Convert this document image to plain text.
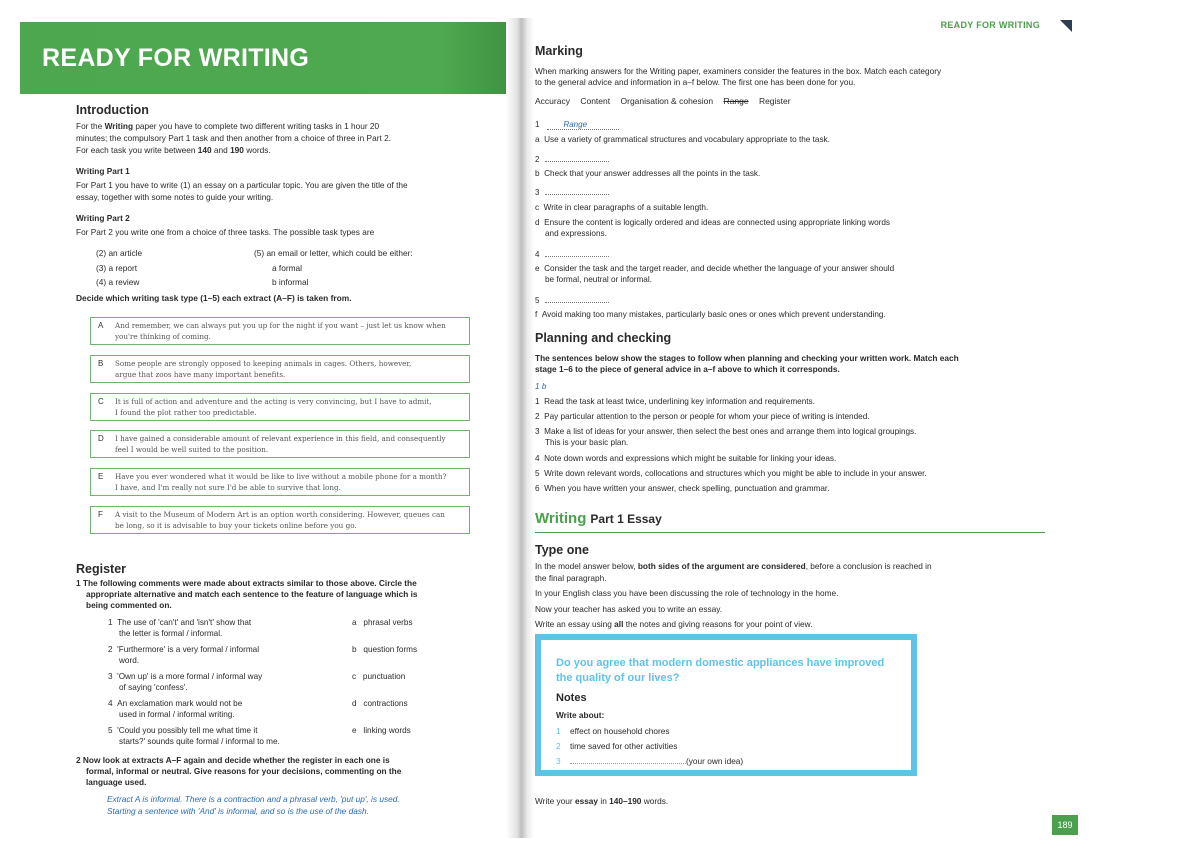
READY FOR WRITING
Introduction

For the Writing paper you have to complete two different writing tasks in 1 hour 20

minutes; the compulsory Part 1 task and then another from a choice of three in Part 2.

For each task you write between 140 and 190 words.

Writing Part 1

For Part 1 you have to write (1) an essay on a particular topic. You are given the title of the

essay, together with some notes to guide your writing.

Writing Part 2

For Part 2 you write one from a choice of three tasks. The possible task types are

(2) an article
(3) a report
(4) a review
(5) an email or letter, which could be either:
a formal
b informal

Decide which writing task type (1–5) each extract (A–F) is taken from.

A And remember, we can always put you up for the night if you want – just let us know when
you're thinking of coming.
B Some people are strongly opposed to keeping animals in cages. Others, however,
argue that zoos have many important benefits.
C It is full of action and adventure and the acting is very convincing, but I have to admit,
I found the plot rather too predictable.
D I have gained a considerable amount of relevant experience in this field, and consequently
feel I would be well suited to the position.
E Have you ever wondered what it would be like to live without a mobile phone for a month?
I have, and I'm really not sure I'd be able to survive that long.
F A visit to the Museum of Modern Art is an option worth considering. However, queues can
be long, so it is advisable to buy your tickets online before you go.
Register
1 The following comments were made about extracts similar to those above. Circle the
appropriate alternative and match each sentence to the feature of language which is
being commented on.
1 The use of 'can't' and 'isn't' show that
the letter is formal / informal.
2 'Furthermore' is a very formal / informal
word.
3 'Own up' is a more formal / informal way
of saying 'confess'.
4 An exclamation mark would not be
used in formal / informal writing.
5 'Could you possibly tell me what time it
starts?' sounds quite formal / informal to me.
a phrasal verbs
b question forms
c punctuation
d contractions
e linking words
2 Now look at extracts A–F again and decide whether the register in each one is
formal, informal or neutral. Give reasons for your decisions, commenting on the
language used.
Extract A is informal. There is a contraction and a phrasal verb, 'put up', is used.
Starting a sentence with 'And' is informal, and so is the use of the dash.
READY FOR WRITING
Marking
When marking answers for the Writing paper, examiners consider the features in the box. Match each category
to the general advice and information in a–f below. The first one has been done for you.
Accuracy Content Organisation & cohesion Range Register
1	Range
a Use a variety of grammatical structures and vocabulary appropriate to the task.
2
b Check that your answer addresses all the points in the task.
3
c Write in clear paragraphs of a suitable length.
d Ensure the content is logically ordered and ideas are connected using appropriate linking words
and expressions.
4
e Consider the task and the target reader, and decide whether the language of your answer should
be formal, neutral or informal.
5
f Avoid making too many mistakes, particularly basic ones or ones which prevent understanding.
Planning and checking
The sentences below show the stages to follow when planning and checking your written work. Match each
stage 1–6 to the piece of general advice in a–f above to which it corresponds.
1 b
1 Read the task at least twice, underlining key information and requirements.
2 Pay particular attention to the person or people for whom your piece of writing is intended.
3 Make a list of ideas for your answer, then select the best ones and arrange them into logical groupings.
This is your basic plan.
4 Note down words and expressions which might be suitable for linking your ideas.
5 Write down relevant words, collocations and structures which you might be able to include in your answer.
6 When you have written your answer, check spelling, punctuation and grammar.
Writing Part 1 Essay
Type one
In the model answer below, both sides of the argument are considered, before a conclusion is reached in
the final paragraph.
In your English class you have been discussing the role of technology in the home.
Now your teacher has asked you to write an essay.
Write an essay using all the notes and giving reasons for your point of view.
Do you agree that modern domestic appliances have improved the quality of our lives?
Notes
Write about:
1 effect on household chores
2 time saved for other activities
3	(your own idea)
Write your essay in 140–190 words.
189
